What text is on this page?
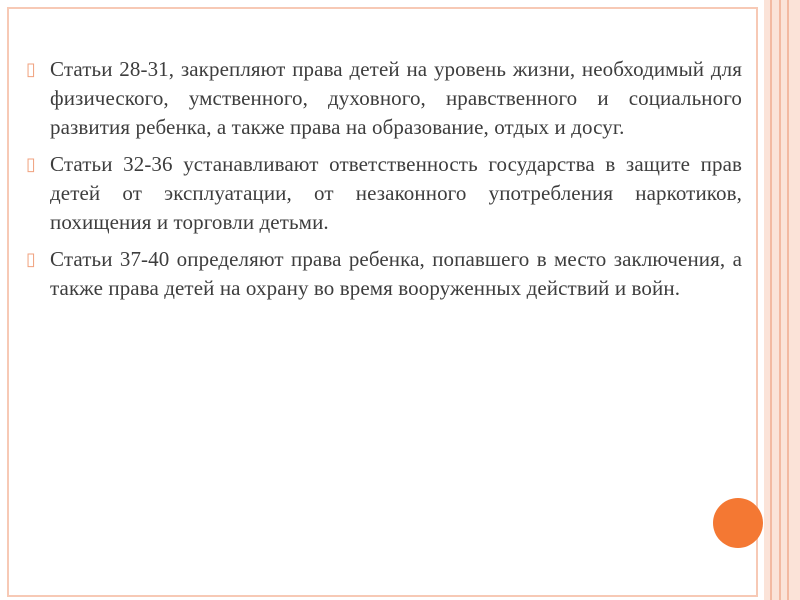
▯ Статьи 28-31, закрепляют права детей на уровень жизни, необходимый для физического, умственного, духовного, нравственного и социального развития ребенка, а также права на образование, отдых и досуг.
▯ Статьи 32-36 устанавливают ответственность государства в защите прав детей от эксплуатации, от незаконного употребления наркотиков, похищения и торговли детьми.
▯ Статьи 37-40 определяют права ребенка, попавшего в место заключения, а также права детей на охрану во время вооруженных действий и войн.
